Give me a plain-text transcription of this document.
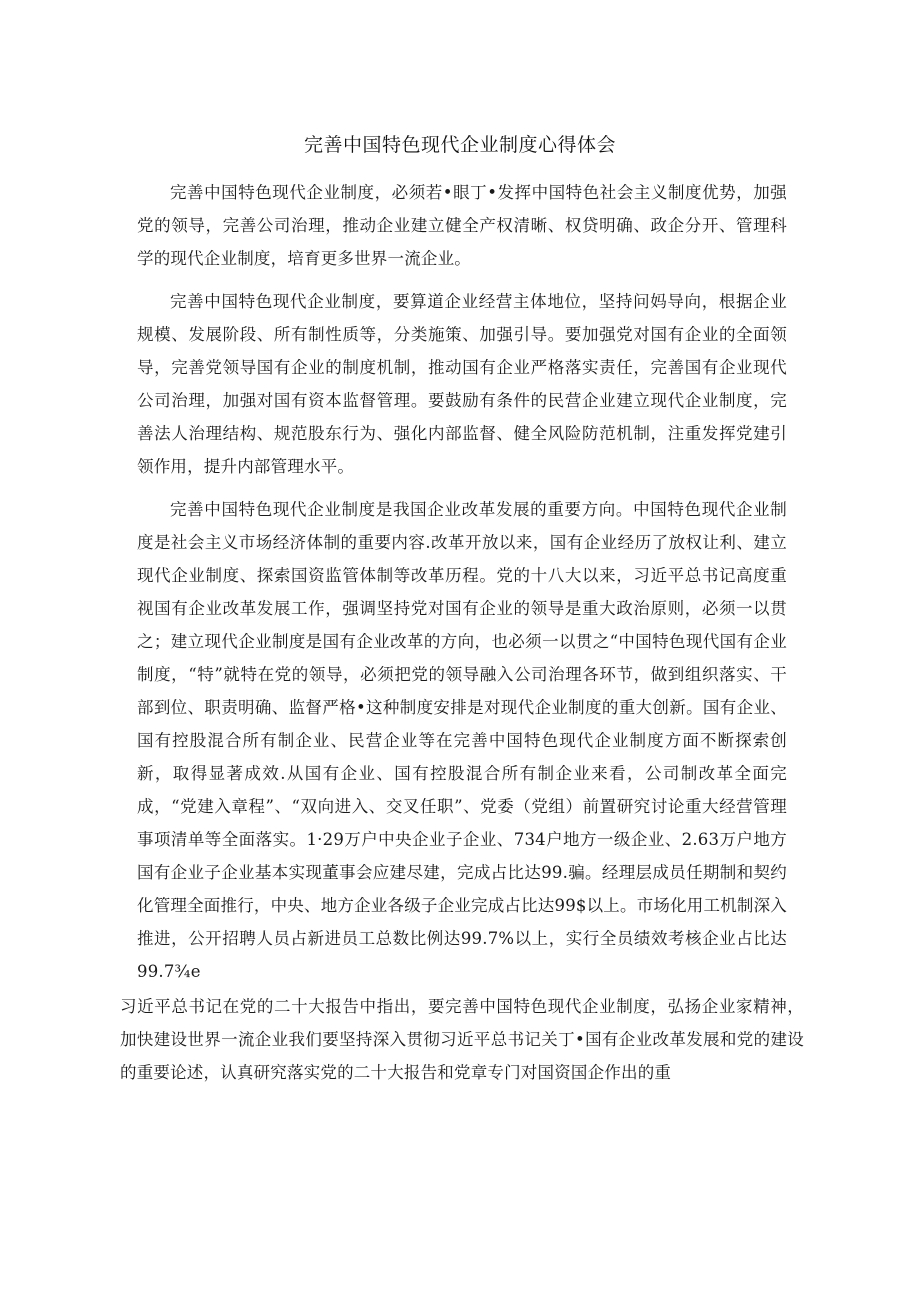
完善中国特色现代企业制度心得体会

完善中国特色现代企业制度，必须若•眼丁•发挥中国特色社会主义制度优势，加强党的领导，完善公司治理，推动企业建立健全产权清晰、权贷明确、政企分开、管理科学的现代企业制度，培育更多世界一流企业。

完善中国特色现代企业制度，要算道企业经营主体地位，坚持问妈导向，根据企业规模、发展阶段、所有制性质等，分类施策、加强引导。要加强党对国有企业的全面领导，完善党领导国有企业的制度机制，推动国有企业严格落实责任，完善国有企业现代公司治理，加强对国有资本监督管理。要鼓励有条件的民营企业建立现代企业制度，完善法人治理结构、规范股东行为、强化内部监督、健全风险防范机制，注重发挥党建引领作用，提升内部管理水平。

完善中国特色现代企业制度是我国企业改革发展的重要方向。中国特色现代企业制度是社会主义市场经济体制的重要内容.改革开放以来，国有企业经历了放权让利、建立现代企业制度、探索国资监管体制等改革历程。党的十八大以来，习近平总书记高度重视国有企业改革发展工作，强调坚持党对国有企业的领导是重大政治原则，必须一以贯之；建立现代企业制度是国有企业改革的方向，也必须一以贯之“中国特色现代国有企业制度，“特”就特在党的领导，必须把党的领导融入公司治理各环节，做到组织落实、干部到位、职责明确、监督严格•这种制度安排是对现代企业制度的重大创新。国有企业、国有控股混合所有制企业、民营企业等在完善中国特色现代企业制度方面不断探索创新，取得显著成效.从国有企业、国有控股混合所有制企业来看，公司制改革全面完成，“党建入章程”、“双向进入、交叉任职”、党委（党组）前置研究讨论重大经营管理事项清单等全面落实。1·29万户中央企业子企业、734户地方一级企业、2.63万户地方国有企业子企业基本实现董事会应建尽建，完成占比达99.骗。经理层成员任期制和契约化管理全面推行，中央、地方企业各级子企业完成占比达99$以上。市场化用工机制深入推进，公开招聘人员占新进员工总数比例达99.7%以上，实行全员绩效考核企业占比达99.7¾e

习近平总书记在党的二十大报告中指出，要完善中国特色现代企业制度，弘扬企业家精神，加快建设世界一流企业我们要坚持深入贯彻习近平总书记关丁•国有企业改革发展和党的建设的重要论述，认真研究落实党的二十大报告和党章专门对国资国企作出的重
